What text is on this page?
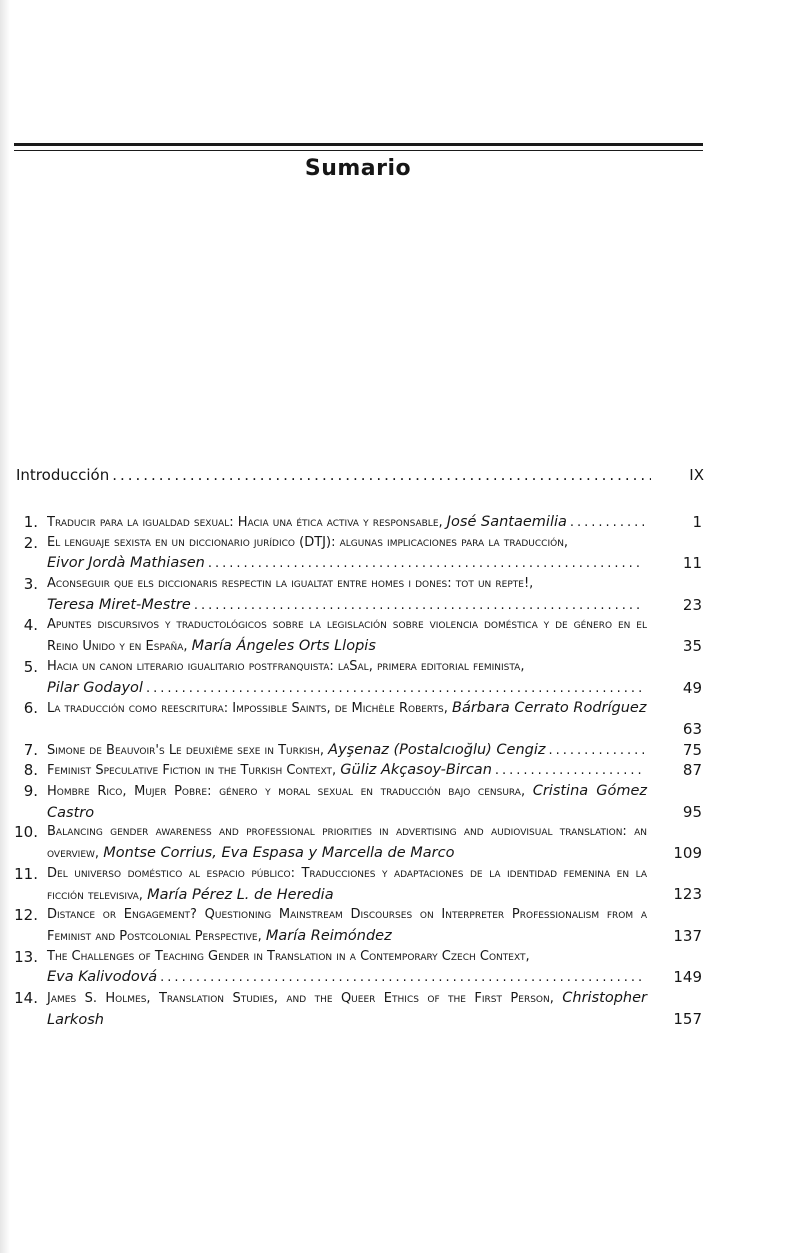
Sumario
Introducción .....	IX
1. Traducir para la igualdad sexual: Hacia una ética activa y responsable,
José Santaemilia .....	1
2. El lenguaje sexista en un diccionario jurídico (DTJ): algunas implicaciones para la traducción,
Eivor Jordà Mathiasen .....	11
3. Aconseguir que els diccionaris respectin la igualtat entre homes i dones: tot un repte!,
Teresa Miret-Mestre .....	23
4. Apuntes discursivos y traductológicos sobre la legislación sobre violencia doméstica y de género en el Reino Unido y en España, María Ángeles Orts Llopis	35
5. Hacia un canon literario igualitario postfranquista: laSal, primera editorial feminista,
Pilar Godayol .....	49
6. La traducción como reescritura: Impossible Saints, de Michèle Roberts, Bárbara Cerrato Rodríguez
63
7. Simone de Beauvoir's Le deuxième sexe in Turkish,
Ayşenaz (Postalcıoğlu) Cengiz .....	75
8. Feminist Speculative Fiction in the Turkish Context,
Güliz Akçasoy-Bircan .....	87
9. Hombre Rico, Mujer Pobre: género y moral sexual en traducción bajo censura, Cristina Gómez Castro	95
10. Balancing gender awareness and professional priorities in advertising and audiovisual translation: an overview, Montse Corrius, Eva Espasa y Marcella de Marco	109
11. Del universo doméstico al espacio público: Traducciones y adaptaciones de la identidad femenina en la ficción televisiva, María Pérez L. de Heredia	123
12. Distance or Engagement? Questioning Mainstream Discourses on Interpreter Professionalism from a Feminist and Postcolonial Perspective, María Reimóndez	137
13. The Challenges of Teaching Gender in Translation in a Contemporary Czech Context,
Eva Kalivodová .....	149
14. James S. Holmes, Translation Studies, and the Queer Ethics of the First Person, Christopher Larkosh	157
